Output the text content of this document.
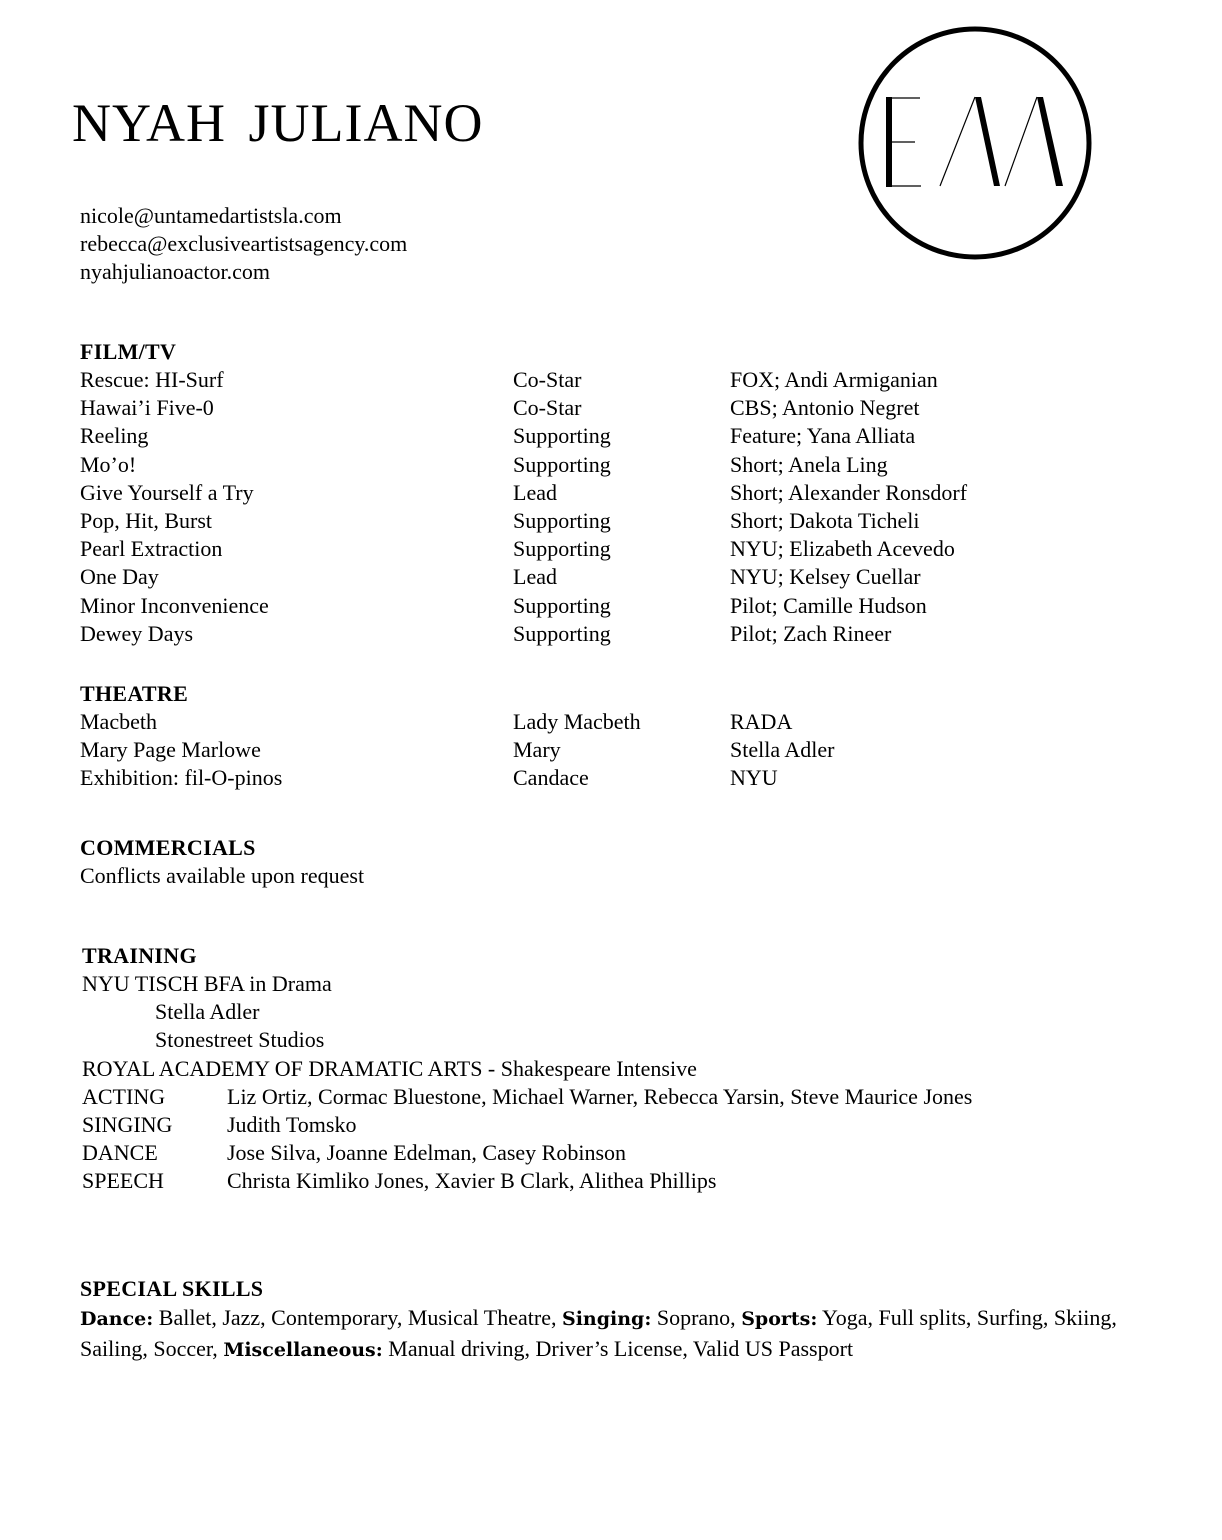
NYAH JULIANO
nicole@untamedartistsla.com
rebecca@exclusiveartistsagency.com
nyahjulianoactor.com
FILM/TV
Rescue: HI-Surf	Co-Star	FOX; Andi Armiganian
Hawai’i Five-0	Co-Star	CBS; Antonio Negret
Reeling	Supporting	Feature; Yana Alliata
Mo’o!	Supporting	Short; Anela Ling
Give Yourself a Try	Lead	Short; Alexander Ronsdorf
Pop, Hit, Burst	Supporting	Short; Dakota Ticheli
Pearl Extraction	Supporting	NYU; Elizabeth Acevedo
One Day	Lead	NYU; Kelsey Cuellar
Minor Inconvenience	Supporting	Pilot; Camille Hudson
Dewey Days	Supporting	Pilot; Zach Rineer
THEATRE
Macbeth	Lady Macbeth	RADA
Mary Page Marlowe	Mary	Stella Adler
Exhibition: fil-O-pinos	Candace	NYU
COMMERCIALS
Conflicts available upon request
TRAINING
NYU TISCH BFA in Drama
Stella Adler
Stonestreet Studios
ROYAL ACADEMY OF DRAMATIC ARTS - Shakespeare Intensive
ACTING	Liz Ortiz, Cormac Bluestone, Michael Warner, Rebecca Yarsin, Steve Maurice Jones
SINGING Judith Tomsko
DANCE	Jose Silva, Joanne Edelman, Casey Robinson
SPEECH	Christa Kimliko Jones, Xavier B Clark, Alithea Phillips
SPECIAL SKILLS
Dance: Ballet, Jazz, Contemporary, Musical Theatre, Singing: Soprano, Sports: Yoga, Full splits, Surfing, Skiing, Sailing, Soccer, Miscellaneous: Manual driving, Driver’s License, Valid US Passport
